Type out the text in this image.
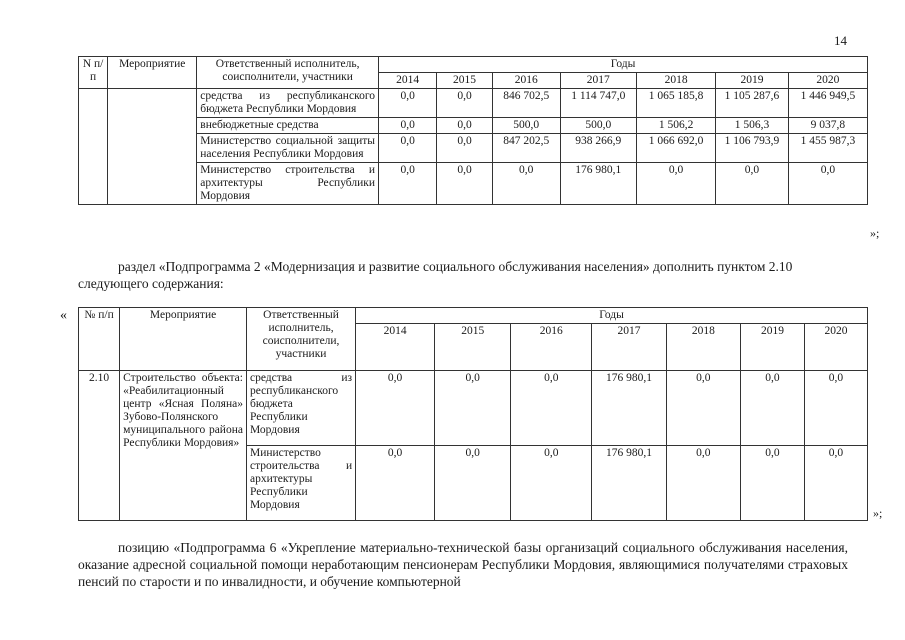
14
N п/п	Мероприятие	Ответственный исполнитель, соисполнители, участники	Годы						
			2014	2015	2016	2017	2018	2019	2020
		средства из республиканского бюджета Республики Мордовия	0,0	0,0	846 702,5	1 114 747,0	1 065 185,8	1 105 287,6	1 446 949,5
		внебюджетные средства	0,0	0,0	500,0	500,0	1 506,2	1 506,3	9 037,8
		Министерство социальной защиты населения Республики Мордовия	0,0	0,0	847 202,5	938 266,9	1 066 692,0	1 106 793,9	1 455 987,3
		Министерство строительства и архитектуры Республики Мордовия	0,0	0,0	0,0	176 980,1	0,0	0,0	0,0
»;
раздел «Подпрограмма 2 «Модернизация и развитие социального обслуживания населения» дополнить пунктом 2.10 следующего содержания:
« № п/п	Мероприятие	Ответственный исполнитель, соисполнители, участники	Годы						
			2014	2015	2016	2017	2018	2019	2020
2.10	Строительство объекта: «Реабилитационный центр «Ясная Поляна» Зубово-Полянского муниципального района Республики Мордовия»	средства из республиканского бюджета Республики Мордовия	0,0	0,0	0,0	176 980,1	0,0	0,0	0,0
		Министерство строительства и архитектуры Республики Мордовия	0,0	0,0	0,0	176 980,1	0,0	0,0	0,0
»;
позицию «Подпрограмма 6 «Укрепление материально-технической базы организаций социального обслуживания населения, оказание адресной социальной помощи неработающим пенсионерам Республики Мордовия, являющимися получателями страховых пенсий по старости и по инвалидности, и обучение компьютерной
